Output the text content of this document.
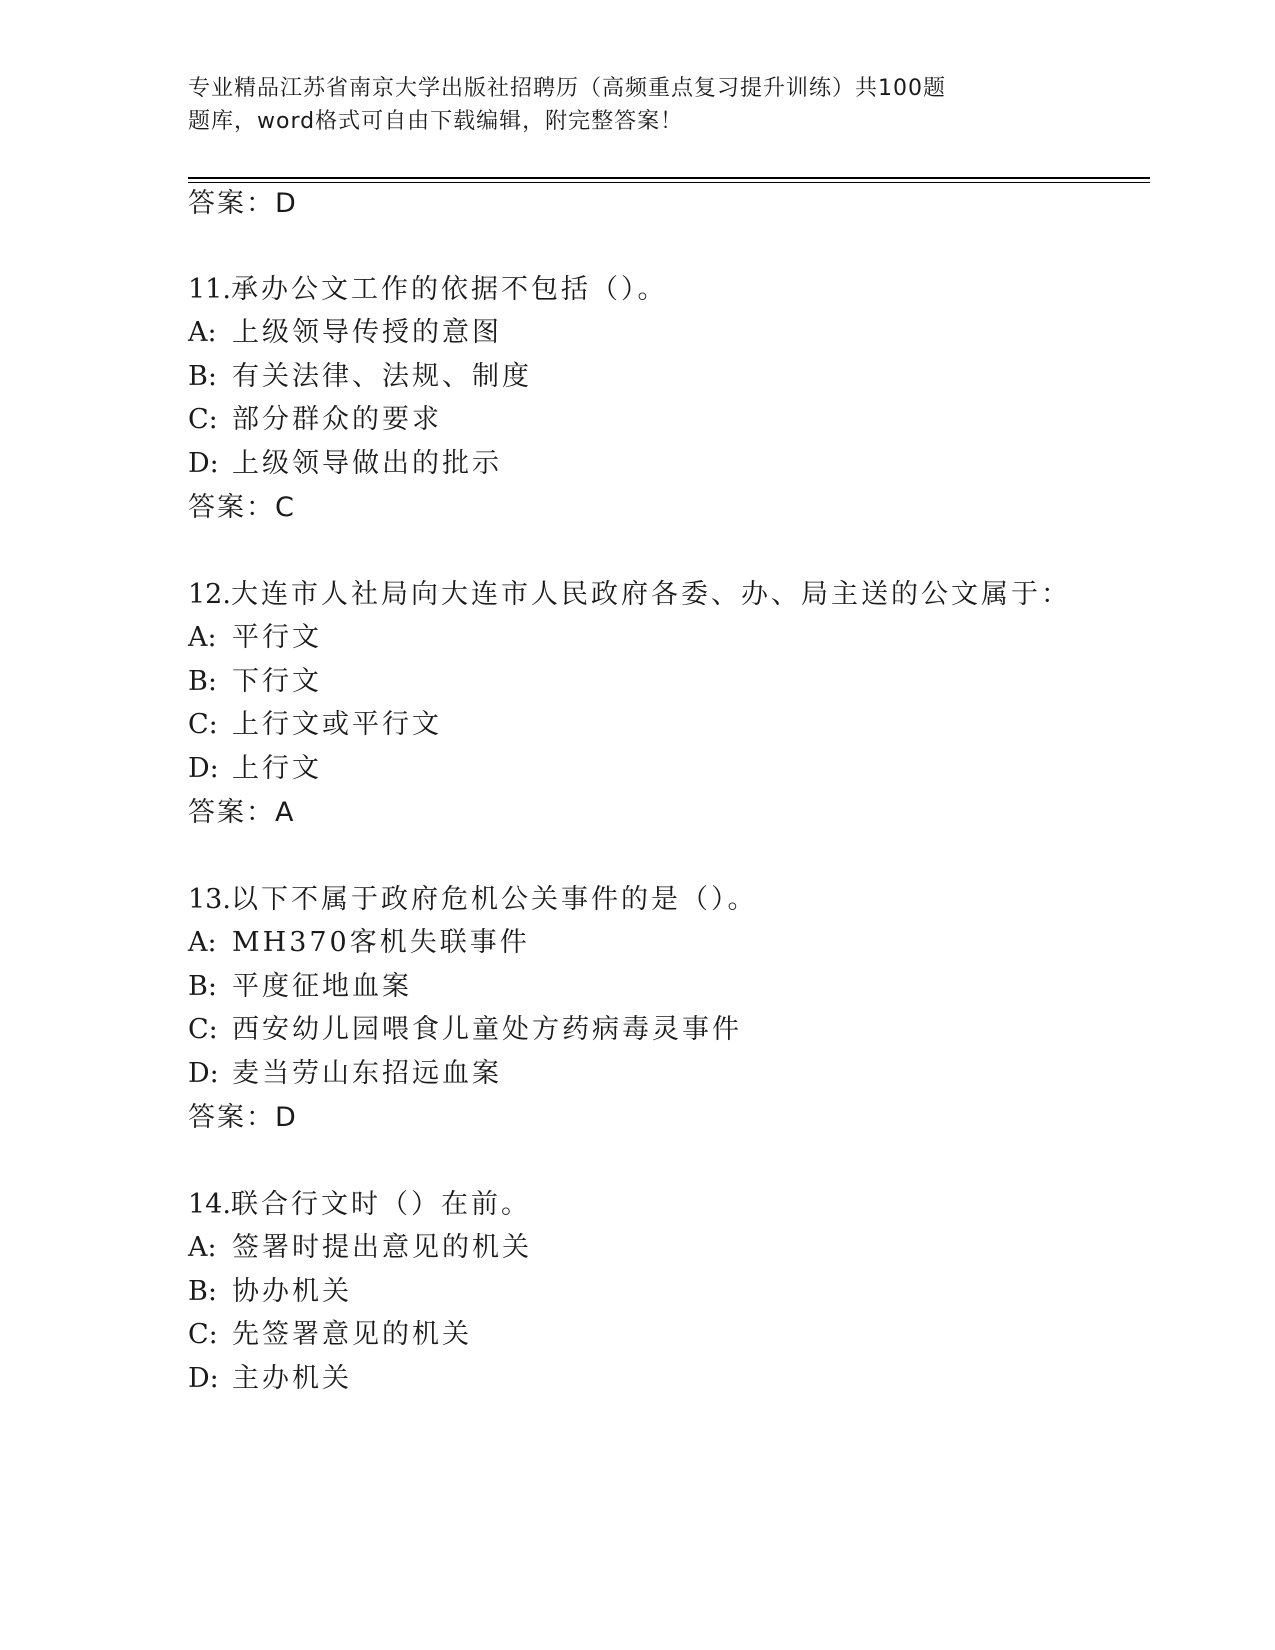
专业精品江苏省南京大学出版社招聘历（高频重点复习提升训练）共100题
题库，word格式可自由下载编辑，附完整答案！
答案：D
11.承办公文工作的依据不包括（）。
A: 上级领导传授的意图
B: 有关法律、法规、制度
C: 部分群众的要求
D: 上级领导做出的批示
答案：C
12.大连市人社局向大连市人民政府各委、办、局主送的公文属于：
A: 平行文
B: 下行文
C: 上行文或平行文
D: 上行文
答案：A
13.以下不属于政府危机公关事件的是（）。
A: MH370客机失联事件
B: 平度征地血案
C: 西安幼儿园喂食儿童处方药病毒灵事件
D: 麦当劳山东招远血案
答案：D
14.联合行文时（）在前。
A: 签署时提出意见的机关
B: 协办机关
C: 先签署意见的机关
D: 主办机关
